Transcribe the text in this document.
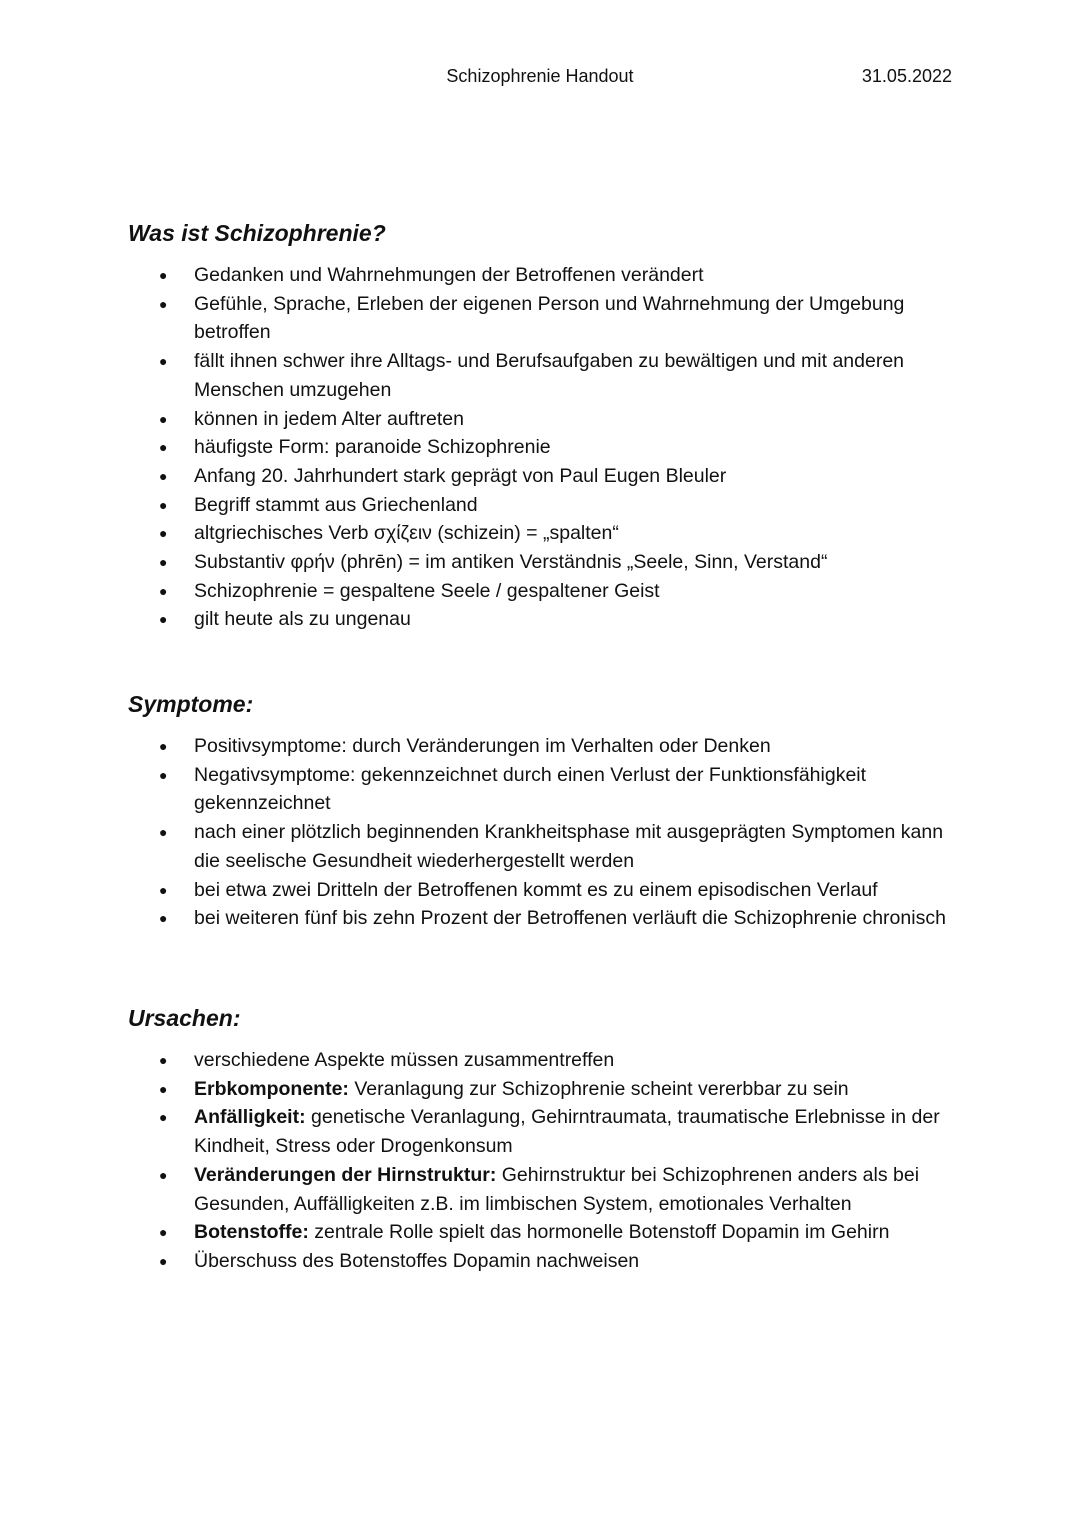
Schizophrenie Handout	31.05.2022
Was ist Schizophrenie?
● Gedanken und Wahrnehmungen der Betroffenen verändert
● Gefühle, Sprache, Erleben der eigenen Person und Wahrnehmung der Umgebung betroffen
● fällt ihnen schwer ihre Alltags- und Berufsaufgaben zu bewältigen und mit anderen Menschen umzugehen
● können in jedem Alter auftreten
● häufigste Form: paranoide Schizophrenie
● Anfang 20. Jahrhundert stark geprägt von Paul Eugen Bleuler
● Begriff stammt aus Griechenland
● altgriechisches Verb σχίζειν (schizein) = „spalten“
● Substantiv φρήν (phrēn) = im antiken Verständnis „Seele, Sinn, Verstand“
● Schizophrenie = gespaltene Seele / gespaltener Geist
● gilt heute als zu ungenau
Symptome:
● Positivsymptome: durch Veränderungen im Verhalten oder Denken
● Negativsymptome: gekennzeichnet durch einen Verlust der Funktionsfähigkeit gekennzeichnet
● nach einer plötzlich beginnenden Krankheitsphase mit ausgeprägten Symptomen kann die seelische Gesundheit wiederhergestellt werden
● bei etwa zwei Dritteln der Betroffenen kommt es zu einem episodischen Verlauf
● bei weiteren fünf bis zehn Prozent der Betroffenen verläuft die Schizophrenie chronisch
Ursachen:
● verschiedene Aspekte müssen zusammentreffen
● Erbkomponente: Veranlagung zur Schizophrenie scheint vererbbar zu sein
● Anfälligkeit: genetische Veranlagung, Gehirntraumata, traumatische Erlebnisse in der Kindheit, Stress oder Drogenkonsum
● Veränderungen der Hirnstruktur: Gehirnstruktur bei Schizophrenen anders als bei Gesunden, Auffälligkeiten z.B. im limbischen System, emotionales Verhalten
● Botenstoffe: zentrale Rolle spielt das hormonelle Botenstoff Dopamin im Gehirn
● Überschuss des Botenstoffes Dopamin nachweisen
